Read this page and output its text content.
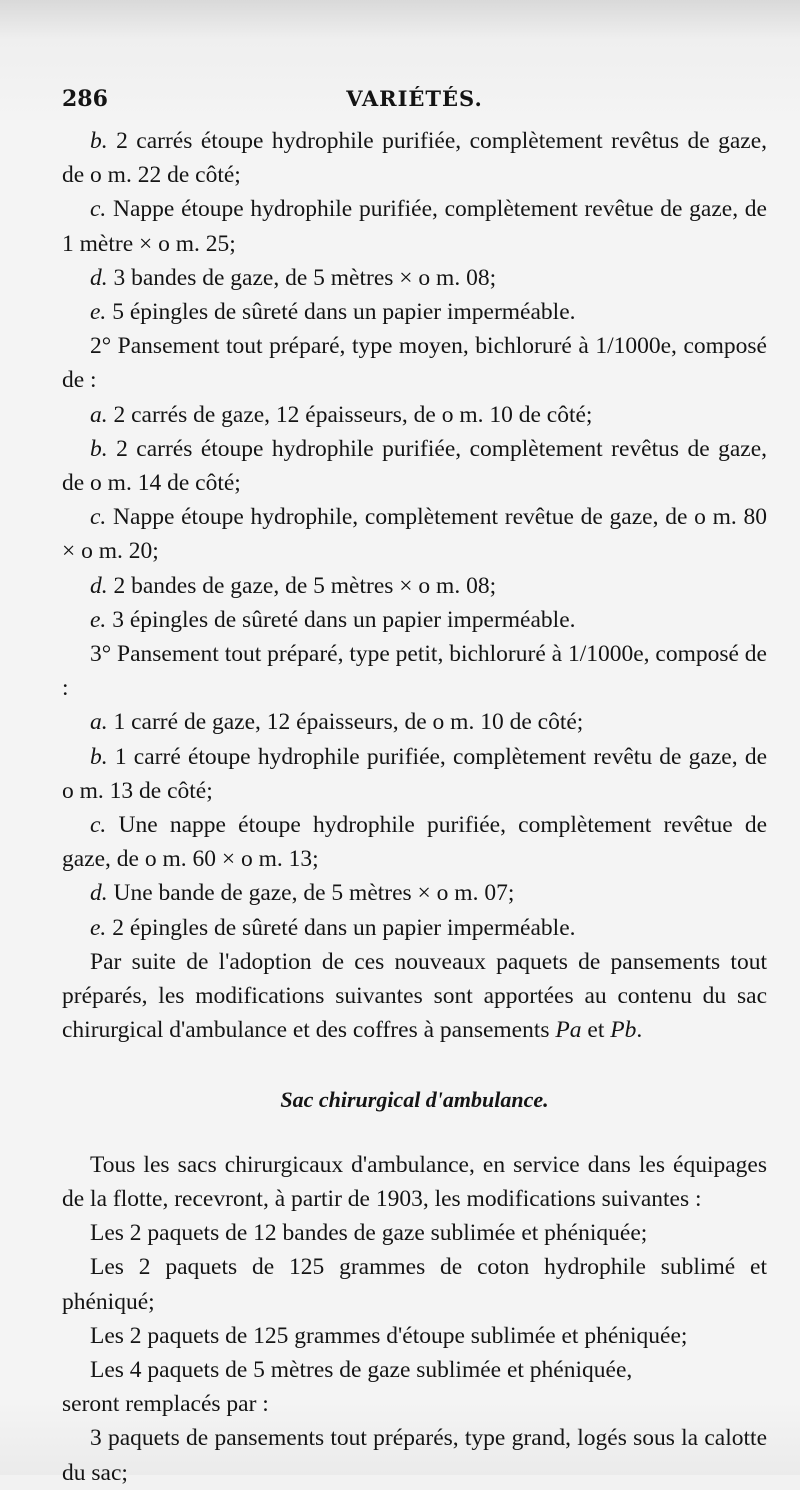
286	VARIÉTÉS.

b. 2 carrés étoupe hydrophile purifiée, complètement revêtus de gaze, de o m. 22 de côté;

c. Nappe étoupe hydrophile purifiée, complètement revêtue de gaze, de 1 mètre × o m. 25;

d. 3 bandes de gaze, de 5 mètres × o m. 08;

e. 5 épingles de sûreté dans un papier imperméable.

2° Pansement tout préparé, type moyen, bichloruré à 1/1000e, composé de :

a. 2 carrés de gaze, 12 épaisseurs, de o m. 10 de côté;

b. 2 carrés étoupe hydrophile purifiée, complètement revêtus de gaze, de o m. 14 de côté;

c. Nappe étoupe hydrophile, complètement revêtue de gaze, de o m. 80 × o m. 20;

d. 2 bandes de gaze, de 5 mètres × o m. 08;

e. 3 épingles de sûreté dans un papier imperméable.

3° Pansement tout préparé, type petit, bichloruré à 1/1000e, composé de :

a. 1 carré de gaze, 12 épaisseurs, de o m. 10 de côté;

b. 1 carré étoupe hydrophile purifiée, complètement revêtu de gaze, de o m. 13 de côté;

c. Une nappe étoupe hydrophile purifiée, complètement revêtue de gaze, de o m. 60 × o m. 13;

d. Une bande de gaze, de 5 mètres × o m. 07;

e. 2 épingles de sûreté dans un papier imperméable.

Par suite de l'adoption de ces nouveaux paquets de pansements tout préparés, les modifications suivantes sont apportées au contenu du sac chirurgical d'ambulance et des coffres à pansements Pa et Pb.

Sac chirurgical d'ambulance.

Tous les sacs chirurgicaux d'ambulance, en service dans les équipages de la flotte, recevront, à partir de 1903, les modifications suivantes :

Les 2 paquets de 12 bandes de gaze sublimée et phéniquée;

Les 2 paquets de 125 grammes de coton hydrophile sublimé et phéniqué;

Les 2 paquets de 125 grammes d'étoupe sublimée et phéniquée;

Les 4 paquets de 5 mètres de gaze sublimée et phéniquée,

seront remplacés par :

3 paquets de pansements tout préparés, type grand, logés sous la calotte du sac;
